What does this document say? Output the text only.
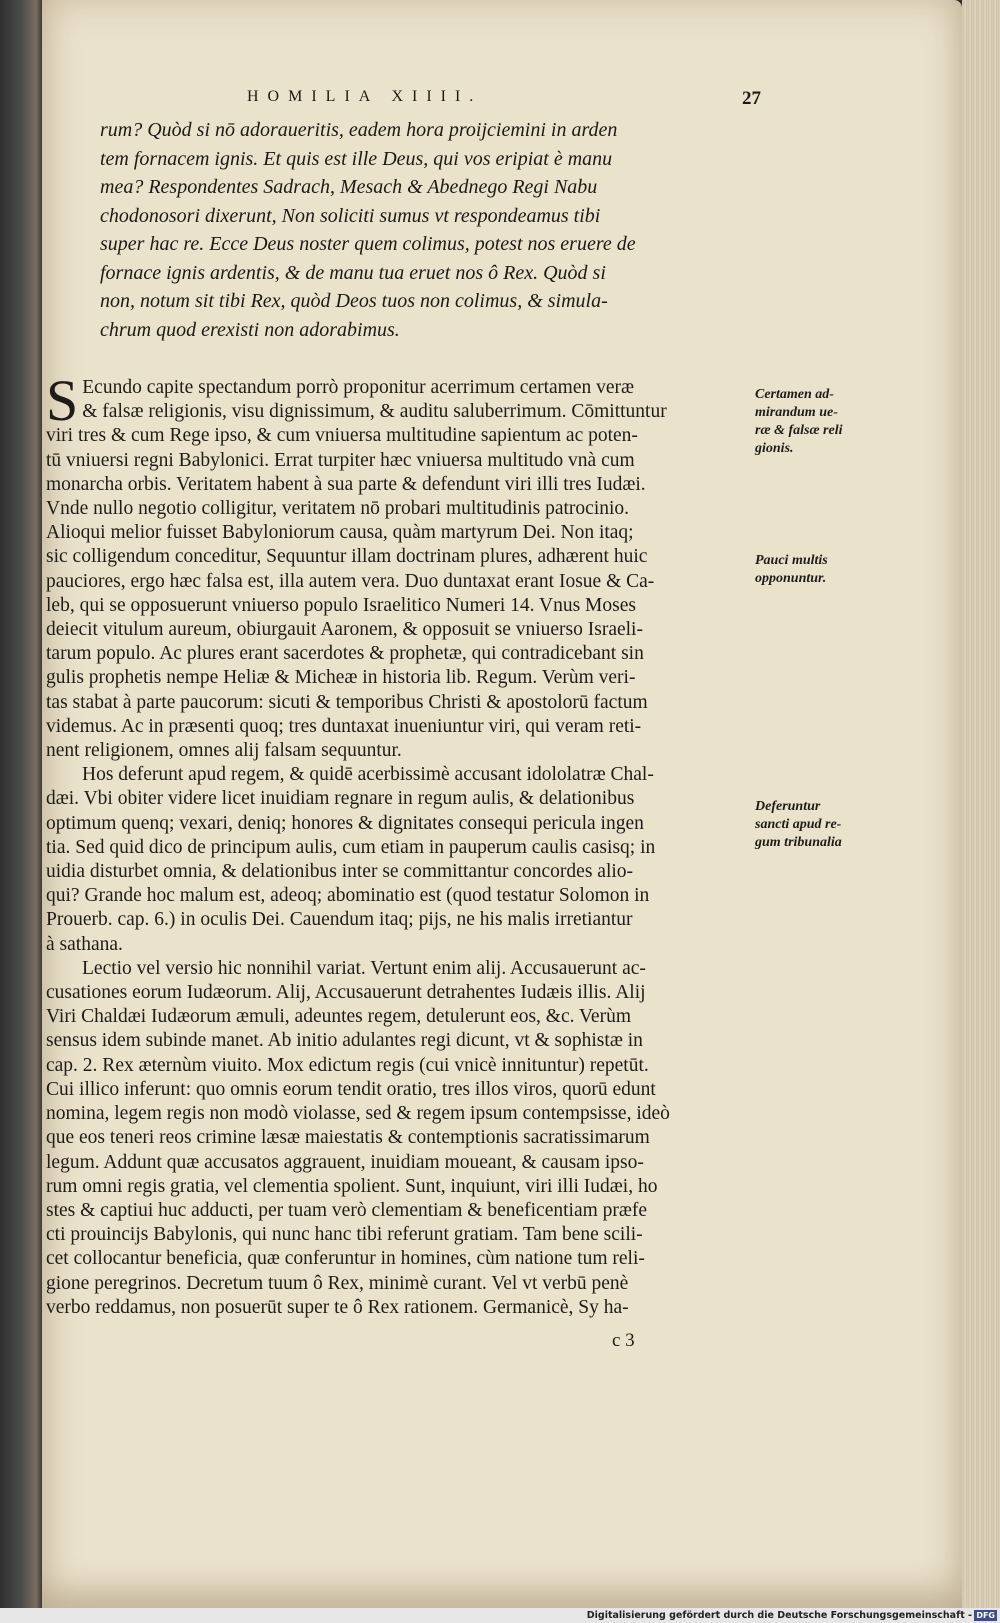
HOMILIA XIIII.	27
rum? Quòd si nō adoraueritis, eadem hora proijciemini in arden
tem fornacem ignis. Et quis est ille Deus, qui vos eripiat è manu
mea? Respondentes Sadrach, Mesach & Abednego Regi Nabu
chodonosori dixerunt, Non soliciti sumus vt respondeamus tibi
super hac re. Ecce Deus noster quem colimus, potest nos eruere de
fornace ignis ardentis, & de manu tua eruet nos ô Rex. Quòd si
non, notum sit tibi Rex, quòd Deos tuos non colimus, & simula-
chrum quod erexisti non adorabimus.
S Ecundo capite spectandum porrò proponitur acerrimum certamen veræ
& falsæ religionis, visu dignissimum, & auditu saluberrimum. Cōmittuntur
viri tres & cum Rege ipso, & cum vniuersa multitudine sapientum ac poten-
tū vniuersi regni Babylonici. Errat turpiter hæc vniuersa multitudo vnà cum
monarcha orbis. Veritatem habent à sua parte & defendunt viri illi tres Iudæi.
Vnde nullo negotio colligitur, veritatem nō probari multitudinis patrocinio.
Alioqui melior fuisset Babyloniorum causa, quàm martyrum Dei. Non itaq;
sic colligendum conceditur, Sequuntur illam doctrinam plures, adhærent huic
pauciores, ergo hæc falsa est, illa autem vera. Duo duntaxat erant Iosue & Ca-
leb, qui se opposuerunt vniuerso populo Israelitico Numeri 14. Vnus Moses
deiecit vitulum aureum, obiurgauit Aaronem, & opposuit se vniuerso Israeli-
tarum populo. Ac plures erant sacerdotes & prophetæ, qui contradicebant sin
gulis prophetis nempe Heliæ & Micheæ in historia lib. Regum. Verùm veri-
tas stabat à parte paucorum: sicuti & temporibus Christi & apostolorū factum
videmus. Ac in præsenti quoq; tres duntaxat inueniuntur viri, qui veram reti-
nent religionem, omnes alij falsam sequuntur.
Hos deferunt apud regem, & quidē acerbissimè accusant idololatræ Chal-
dæi. Vbi obiter videre licet inuidiam regnare in regum aulis, & delationibus
optimum quenq; vexari, deniq; honores & dignitates consequi pericula ingen
tia. Sed quid dico de principum aulis, cum etiam in pauperum caulis casisq; in
uidia disturbet omnia, & delationibus inter se committantur concordes alio-
qui? Grande hoc malum est, adeoq; abominatio est (quod testatur Solomon in
Prouerb. cap. 6.) in oculis Dei. Cauendum itaq; pijs, ne his malis irretiantur
à sathana.
Lectio vel versio hic nonnihil variat. Vertunt enim alij. Accusauerunt ac-
cusationes eorum Iudæorum. Alij, Accusauerunt detrahentes Iudæis illis. Alij
Viri Chaldæi Iudæorum æmuli, adeuntes regem, detulerunt eos, &c. Verùm
sensus idem subinde manet. Ab initio adulantes regi dicunt, vt & sophistæ in
cap. 2. Rex æternùm viuito. Mox edictum regis (cui vnicè innituntur) repetūt.
Cui illico inferunt: quo omnis eorum tendit oratio, tres illos viros, quorū edunt
nomina, legem regis non modò violasse, sed & regem ipsum contempsisse, ideò
que eos teneri reos crimine læsæ maiestatis & contemptionis sacratissimarum
legum. Addunt quæ accusatos aggrauent, inuidiam moueant, & causam ipso-
rum omni regis gratia, vel clementia spolient. Sunt, inquiunt, viri illi Iudæi, ho
stes & captiui huc adducti, per tuam verò clementiam & beneficentiam præfe
cti prouincijs Babylonis, qui nunc hanc tibi referunt gratiam. Tam bene scili-
cet collocantur beneficia, quæ conferuntur in homines, cùm natione tum reli-
gione peregrinos. Decretum tuum ô Rex, minimè curant. Vel vt verbū penè
verbo reddamus, non posuerūt super te ô Rex rationem. Germanicè, Sy ha-
Certamen ad-
mirandum ue-
ræ & falsæ reli
gionis.
Pauci multis
opponuntur.
Deferuntur
sancti apud re-
gum tribunalia
c 3
Digitalisierung gefördert durch die Deutsche Forschungsgemeinschaft - DFG
